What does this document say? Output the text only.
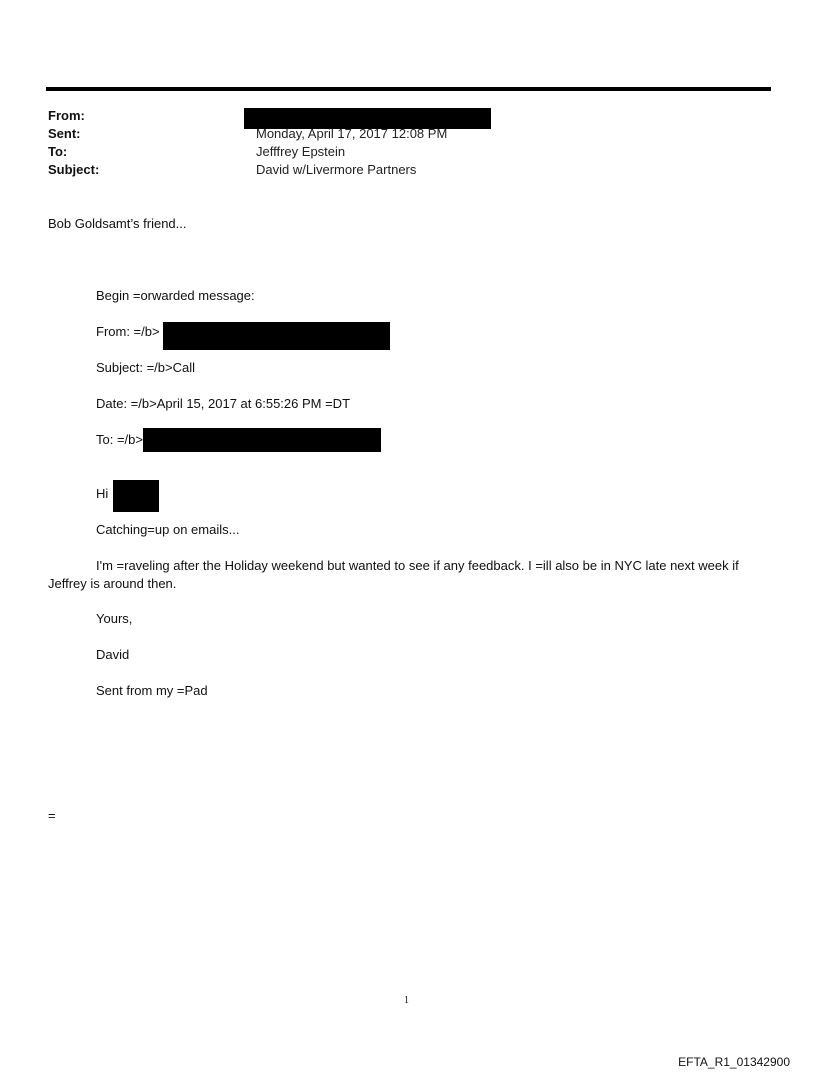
From:
Sent:	Monday, April 17, 2017 12:08 PM
To:	Jefffrey Epstein
Subject:	David w/Livermore Partners
Bob Goldsamt’s friend...
Begin =orwarded message:
From: =/b>
Subject: =/b>Call
Date: =/b>April 15, 2017 at 6:55:26 PM =DT
To: =/b>
Hi
Catching=up on emails...
I'm =raveling after the Holiday weekend but wanted to see if any feedback. I =ill also be in NYC late next week if
Jeffrey is around then.
Yours,
David
Sent from my =Pad
=
1
EFTA_R1_01342900
